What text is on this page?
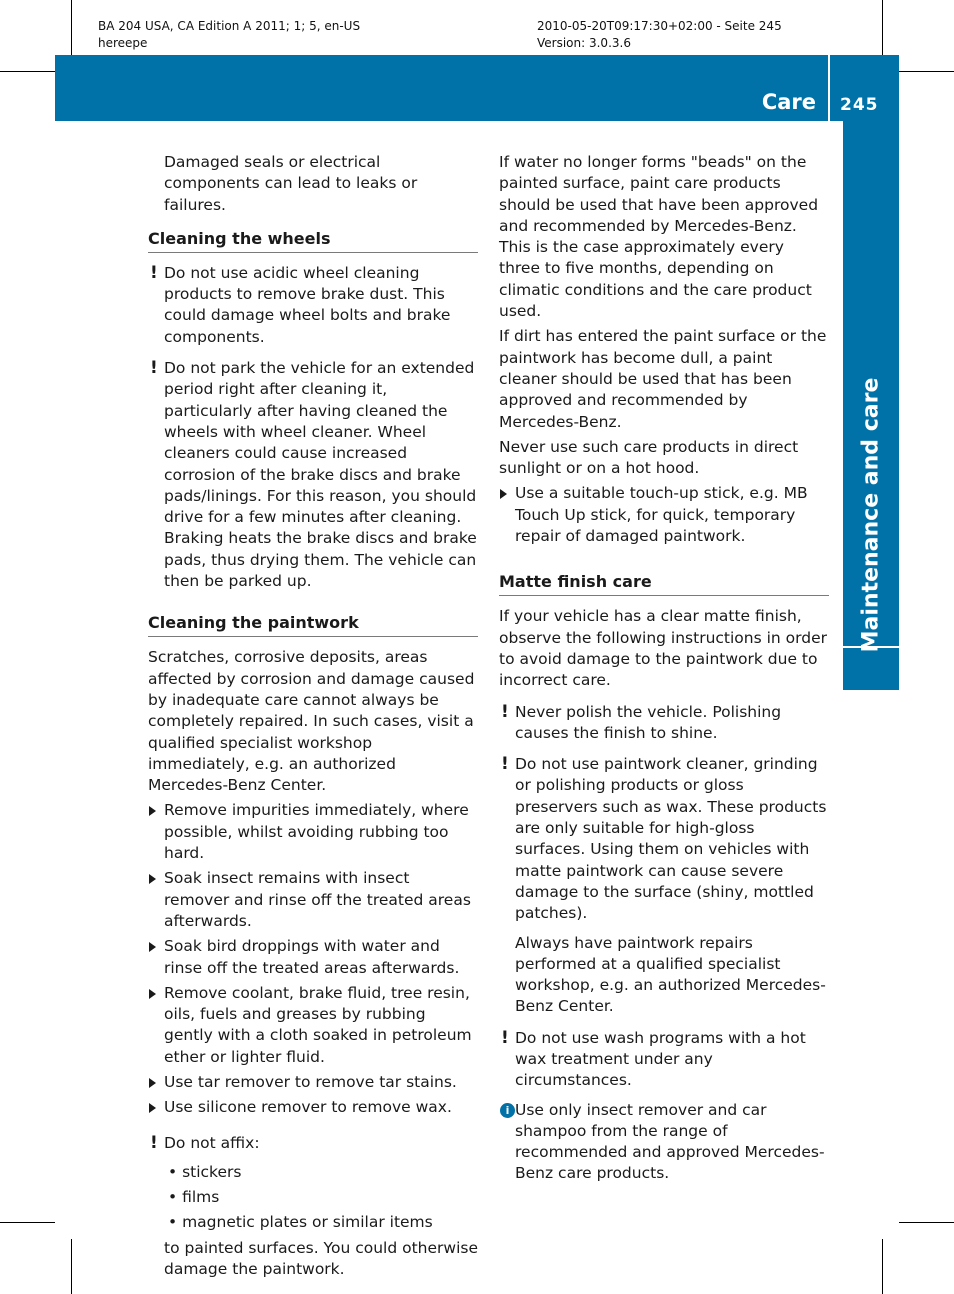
BA 204 USA, CA Edition A 2011; 1; 5, en-US
hereepe
2010-05-20T09:17:30+02:00 - Seite 245
Version: 3.0.3.6
Care 245
Maintenance and care

Damaged seals or electrical components can lead to leaks or failures.

Cleaning the wheels
! Do not use acidic wheel cleaning products to remove brake dust. This could damage wheel bolts and brake components.
! Do not park the vehicle for an extended period right after cleaning it, particularly after having cleaned the wheels with wheel cleaner. Wheel cleaners could cause increased corrosion of the brake discs and brake pads/linings. For this reason, you should drive for a few minutes after cleaning. Braking heats the brake discs and brake pads, thus drying them. The vehicle can then be parked up.
Cleaning the paintwork

Scratches, corrosive deposits, areas affected by corrosion and damage caused by inadequate care cannot always be completely repaired. In such cases, visit a qualified specialist workshop immediately, e.g. an authorized Mercedes-Benz Center.

Remove impurities immediately, where possible, whilst avoiding rubbing too hard.
Soak insect remains with insect remover and rinse off the treated areas afterwards.
Soak bird droppings with water and rinse off the treated areas afterwards.
Remove coolant, brake fluid, tree resin, oils, fuels and greases by rubbing gently with a cloth soaked in petroleum ether or lighter fluid.
Use tar remover to remove tar stains.
Use silicone remover to remove wax.
! Do not affix:
• stickers
• films
• magnetic plates or similar items
to painted surfaces. You could otherwise damage the paintwork.

If water no longer forms "beads" on the painted surface, paint care products should be used that have been approved and recommended by Mercedes-Benz. This is the case approximately every three to five months, depending on climatic conditions and the care product used.

If dirt has entered the paint surface or the paintwork has become dull, a paint cleaner should be used that has been approved and recommended by Mercedes-Benz.

Never use such care products in direct sunlight or on a hot hood.

Use a suitable touch-up stick, e.g. MB Touch Up stick, for quick, temporary repair of damaged paintwork.
Matte finish care

If your vehicle has a clear matte finish, observe the following instructions in order to avoid damage to the paintwork due to incorrect care.

! Never polish the vehicle. Polishing causes the finish to shine.
! Do not use paintwork cleaner, grinding or polishing products or gloss preservers such as wax. These products are only suitable for high-gloss surfaces. Using them on vehicles with matte paintwork can cause severe damage to the surface (shiny, mottled patches).
Always have paintwork repairs performed at a qualified specialist workshop, e.g. an authorized Mercedes-Benz Center.
! Do not use wash programs with a hot wax treatment under any circumstances.
i Use only insect remover and car shampoo from the range of recommended and approved Mercedes-Benz care products.
